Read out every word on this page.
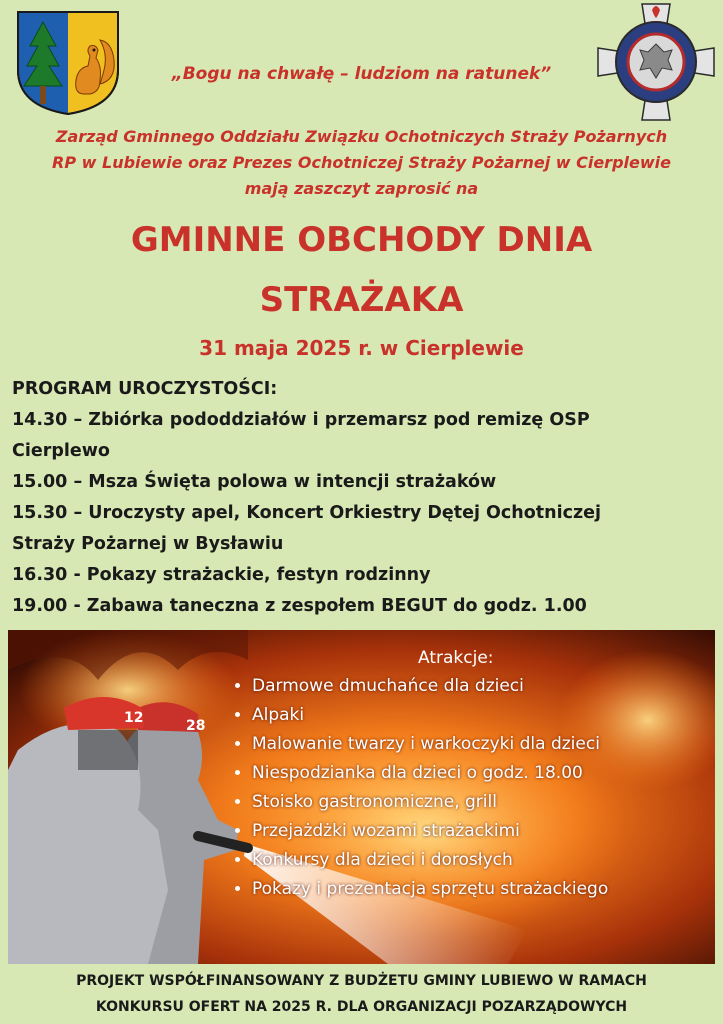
„Bogu na chwałę – ludziom na ratunek”
Zarząd Gminnego Oddziału Związku Ochotniczych Straży Pożarnych
RP w Lubiewie oraz Prezes Ochotniczej Straży Pożarnej w Cierplewie
mają zaszczyt zaprosić na
GMINNE OBCHODY DNIA
STRAŻAKA
31 maja 2025 r. w Cierplewie
PROGRAM UROCZYSTOŚCI:
14.30 – Zbiórka pododdziałów i przemarsz pod remizę OSP
Cierplewo
15.00 – Msza Święta polowa w intencji strażaków
15.30 – Uroczysty apel, Koncert Orkiestry Dętej Ochotniczej
Straży Pożarnej w Bysławiu
16.30 - Pokazy strażackie, festyn rodzinny
19.00 - Zabawa taneczna z zespołem BEGUT do godz. 1.00
28
12
Atrakcje:
• Darmowe dmuchańce dla dzieci
• Alpaki
• Malowanie twarzy i warkoczyki dla dzieci
• Niespodzianka dla dzieci o godz. 18.00
• Stoisko gastronomiczne, grill
• Przejażdżki wozami strażackimi
• Konkursy dla dzieci i dorosłych
• Pokazy i prezentacja sprzętu strażackiego
PROJEKT WSPÓŁFINANSOWANY Z BUDŻETU GMINY LUBIEWO W RAMACH
KONKURSU OFERT NA 2025 R. DLA ORGANIZACJI POZARZĄDOWYCH
